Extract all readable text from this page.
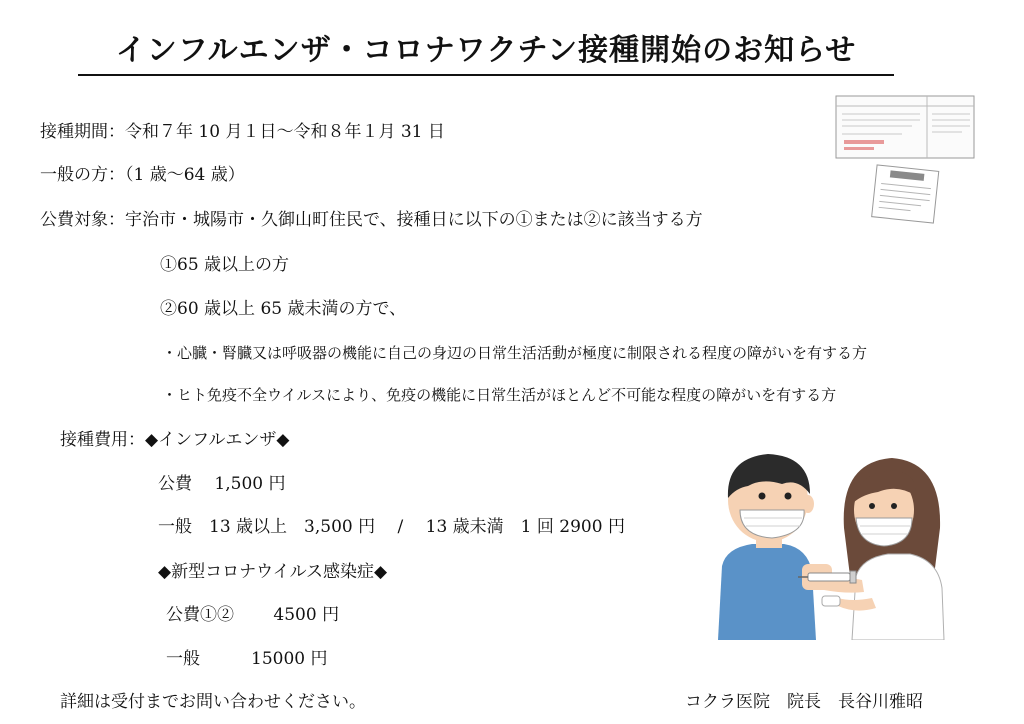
インフルエンザ・コロナワクチン接種開始のお知らせ
接種期間：令和７年 10 月１日～令和８年１月 31 日
一般の方：（1 歳～64 歳）
公費対象：宇治市・城陽市・久御山町住民で、接種日に以下の①または②に該当する方
①65 歳以上の方
②60 歳以上 65 歳未満の方で、
・心臓・腎臓又は呼吸器の機能に自己の身辺の日常生活活動が極度に制限される程度の障がいを有する方
・ヒト免疫不全ウイルスにより、免疫の機能に日常生活がほとんど不可能な程度の障がいを有する方
接種費用：◆インフルエンザ◆
公費　 1,500 円
一般　13 歳以上　3,500 円　 /　 13 歳未満　1 回 2900 円
◆新型コロナウイルス感染症◆
公費①②　　 4500 円
一般　　　15000 円
詳細は受付までお問い合わせください。	コクラ医院　院長　長谷川雅昭
